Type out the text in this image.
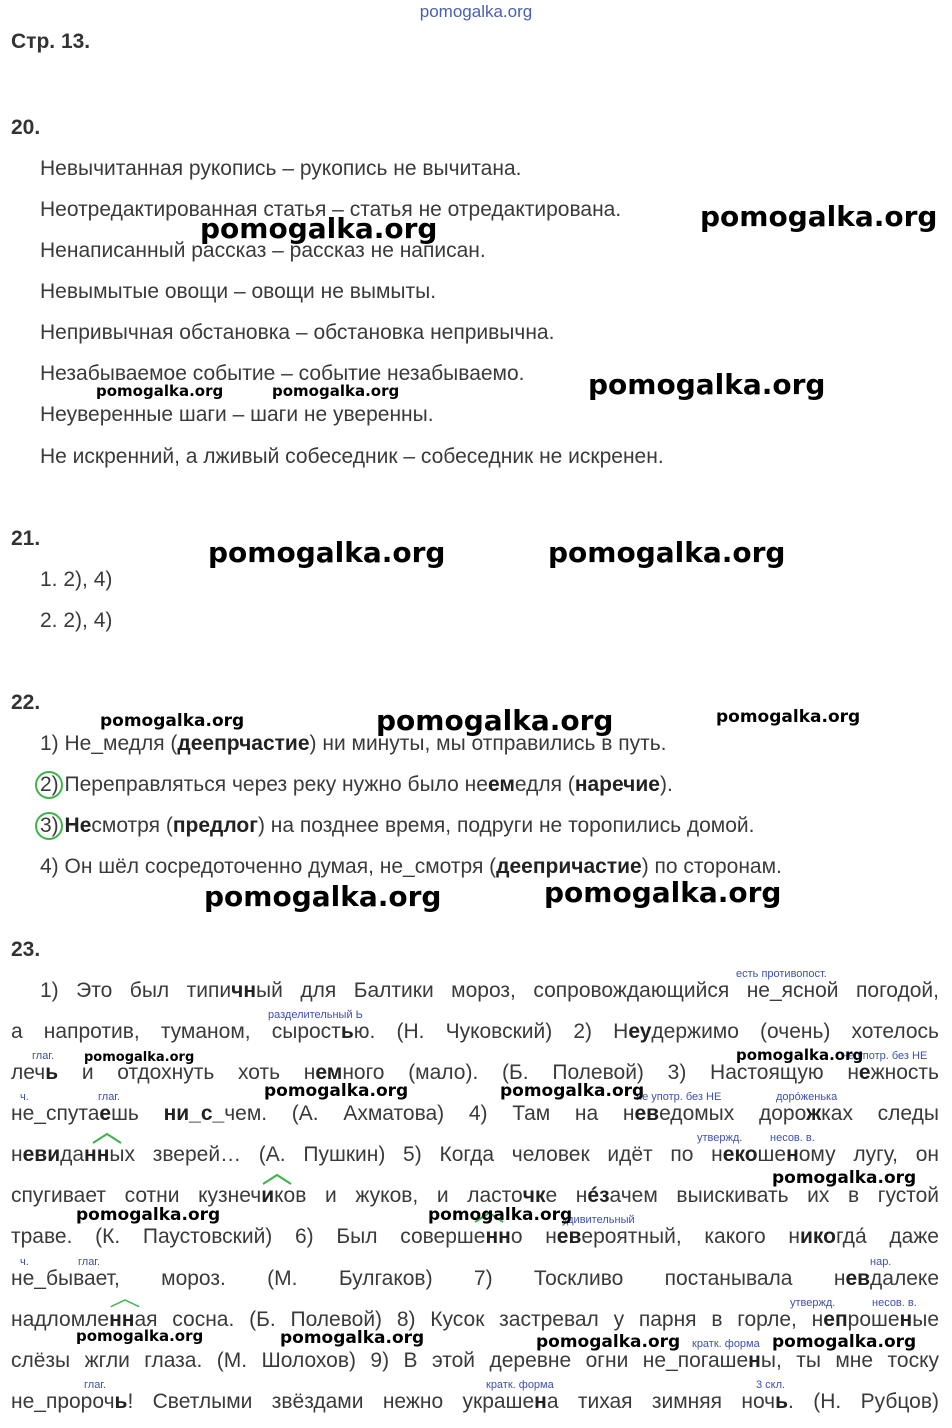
pomogalka.org
Стр. 13.
20.
Невычитанная рукопись – рукопись не вычитана.
Неотредактированная статья – статья не отредактирована.
Ненаписанный рассказ – рассказ не написан.
Невымытые овощи – овощи не вымыты.
Непривычная обстановка – обстановка непривычна.
Незабываемое событие – событие незабываемо.
Неуверенные шаги – шаги не уверенны.
Не искренний, а лживый собеседник – собеседник не искренен.
21.
1. 2), 4)
2. 2), 4)
22.
1) Не_медля (деепрчастие) ни минуты, мы отправились в путь.
2) Переправляться через реку нужно было неемедля (наречие).
3) Несмотря (предлог) на позднее время, подруги не торопились домой.
4) Он шёл сосредоточенно думая, не_смотря (деепричастие) по сторонам.
23.
1) Это был типичный для Балтики мороз, сопровождающийся не_ясной погодой,
а напротив, туманом, сыростью. (Н. Чуковский) 2) Неудержимо (очень) хотелось
лечь и отдохнуть хоть немного (мало). (Б. Полевой) 3) Настоящую нежность
не_спутаешь ни_с_чем. (А. Ахматова) 4) Там на неведомых дорожках следы
невиданных зверей… (А. Пушкин) 5) Когда человек идёт по некошеному лугу, он
спугивает сотни кузнечиков и жуков, и ласточке нéзачем выискивать их в густой
траве. (К. Паустовский) 6) Был совершенно невероятный, какого никогда́ даже
не_бывает, мороз. (М. Булгаков) 7) Тоскливо постанывала невдалеке
надломленная сосна. (Б. Полевой) 8) Кусок застревал у парня в горле, непрошeные
слёзы жгли глаза. (М. Шолохов) 9) В этой деревне огни не_погашены, ты мне тоску
не_пророчь! Светлыми звёздами нежно украшена тихая зимняя ночь. (Н. Рубцов)
есть противопост.
разделительный Ь
глаг.	не употр. без НЕ
ч.	глаг.	не употр. без НЕ	доро́женька
утвержд.	несов. в.
удивительный
ч.	глаг.	нар.
утвержд.	несов. в.
кратк. форма
глаг.	кратк. форма	3 скл.
pomogalka.org	pomogalka.org
pomogalka.org	pomogalka.org	pomogalka.org
pomogalka.org	pomogalka.org
pomogalka.org	pomogalka.org	pomogalka.org
pomogalka.org	pomogalka.org
pomogalka.org	pomogalka.org
pomogalka.org	pomogalka.org
pomogalka.org
pomogalka.org	pomogalka.org
pomogalka.org	pomogalka.org	pomogalka.org	pomogalka.org
